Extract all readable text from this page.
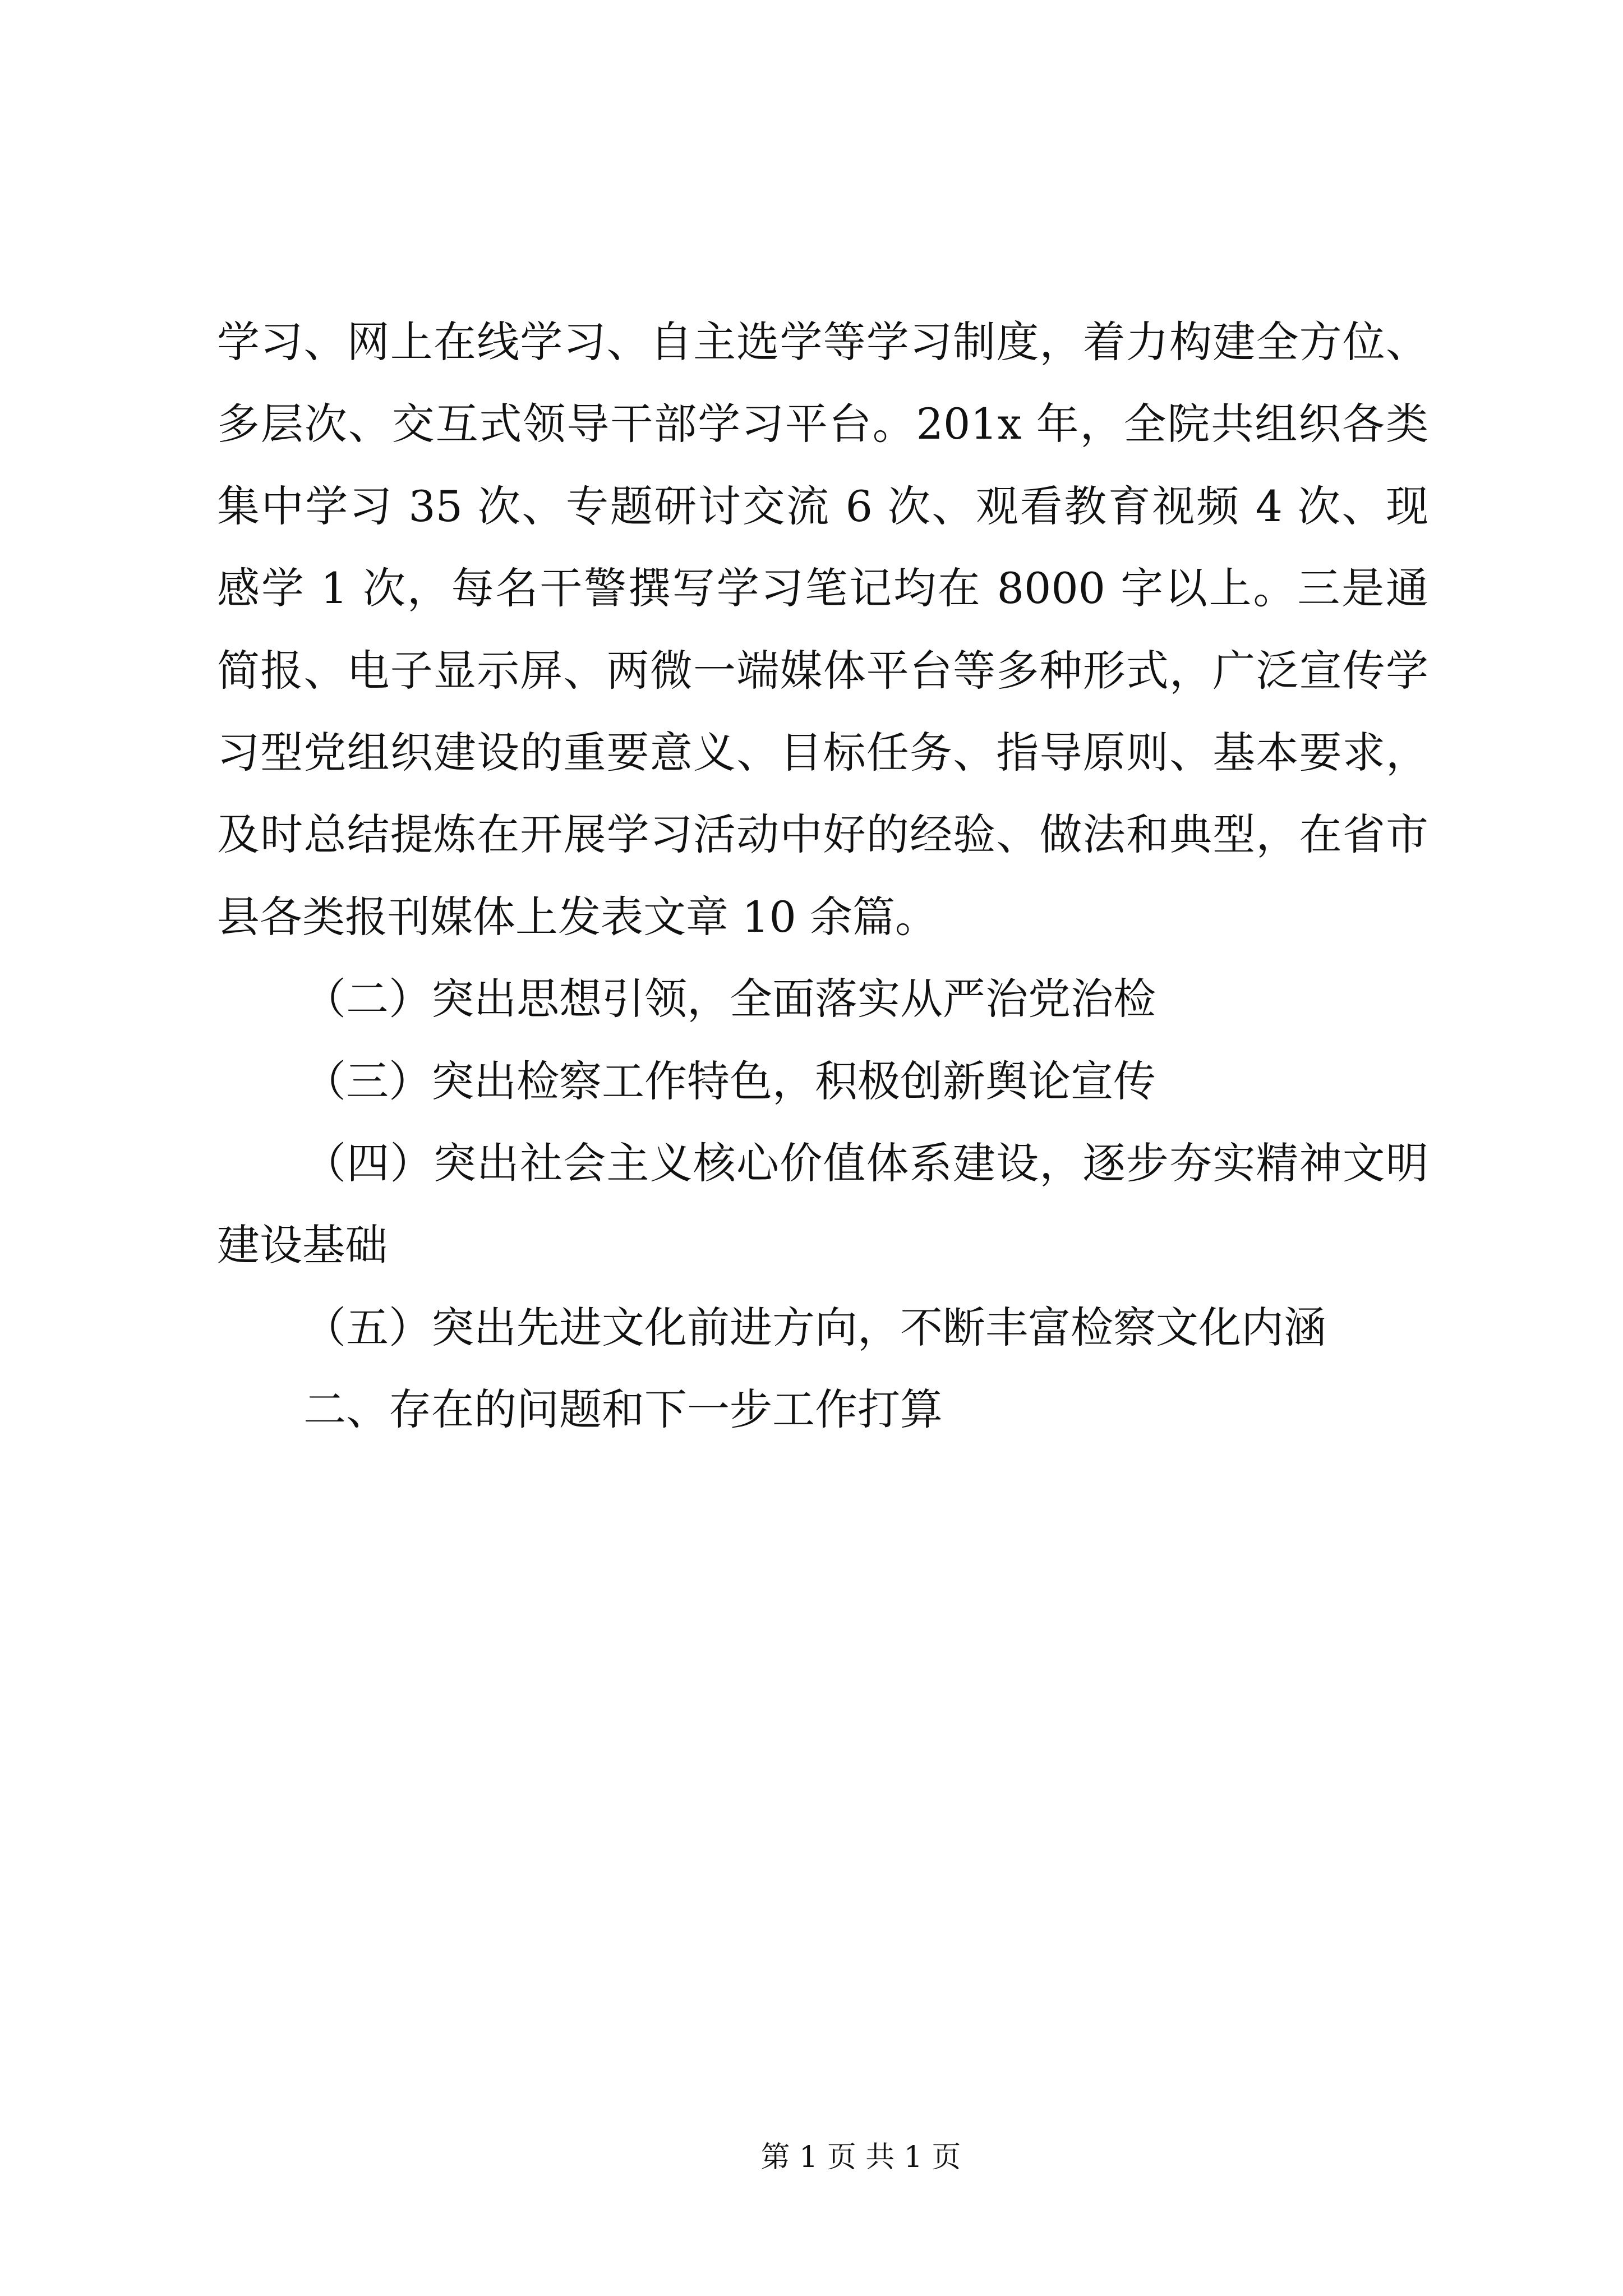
学习、网上在线学习、自主选学等学习制度，着力构建全方位、

多层次、交互式领导干部学习平台。201x 年，全院共组织各类

集中学习 35 次、专题研讨交流 6 次、观看教育视频 4 次、现

感学 1 次，每名干警撰写学习笔记均在 8000 字以上。三是通

简报、电子显示屏、两微一端媒体平台等多种形式，广泛宣传学

习型党组织建设的重要意义、目标任务、指导原则、基本要求，

及时总结提炼在开展学习活动中好的经验、做法和典型，在省市

县各类报刊媒体上发表文章 10 余篇。

（二）突出思想引领，全面落实从严治党治检

（三）突出检察工作特色，积极创新舆论宣传

（四）突出社会主义核心价值体系建设，逐步夯实精神文明

建设基础

（五）突出先进文化前进方向，不断丰富检察文化内涵

二、存在的问题和下一步工作打算

第 1 页 共 1 页
